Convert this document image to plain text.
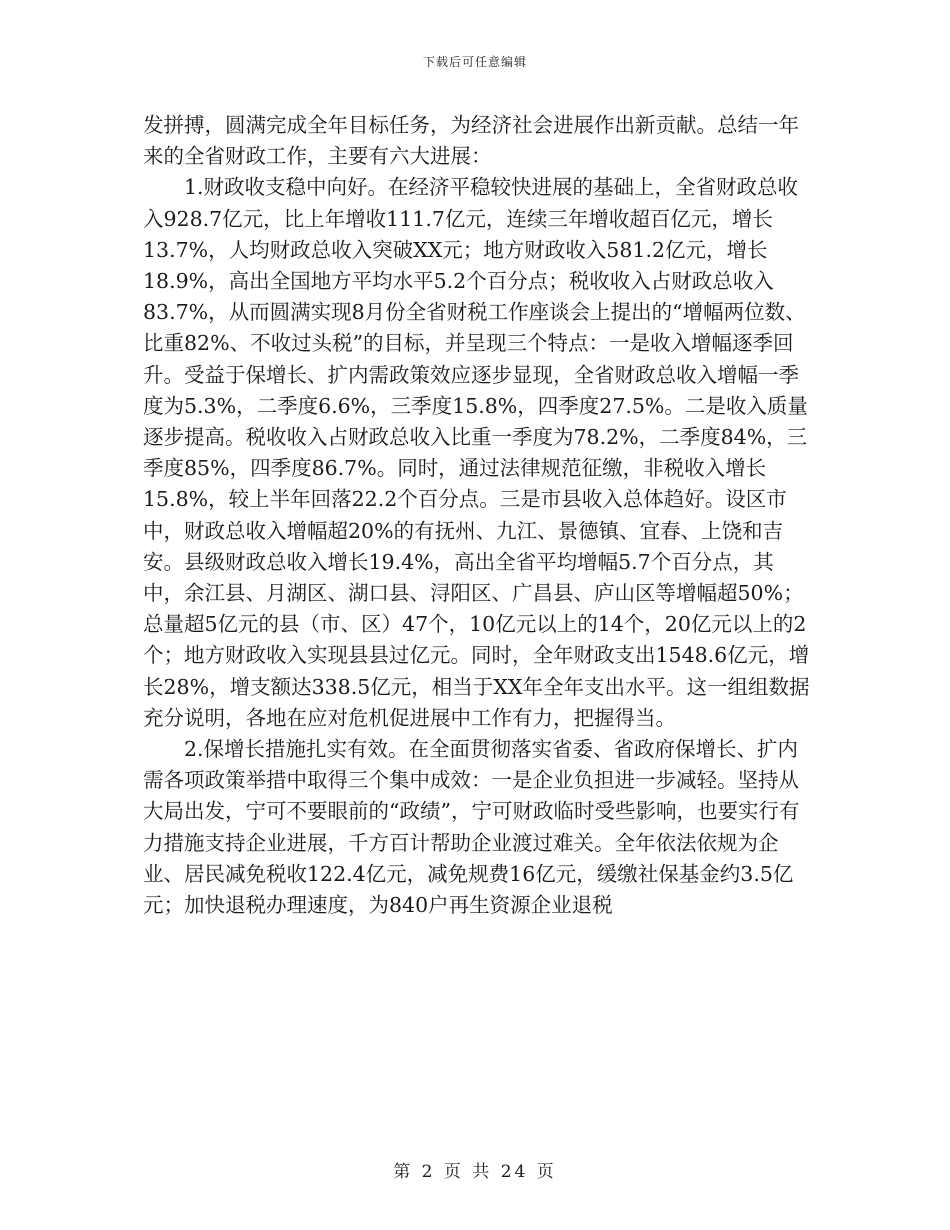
下载后可任意编辑

发拼搏，圆满完成全年目标任务，为经济社会进展作出新贡献。总结一年来的全省财政工作，主要有六大进展：

1.财政收支稳中向好。在经济平稳较快进展的基础上，全省财政总收入928.7亿元，比上年增收111.7亿元，连续三年增收超百亿元，增长13.7%，人均财政总收入突破XX元；地方财政收入581.2亿元，增长18.9%，高出全国地方平均水平5.2个百分点；税收收入占财政总收入83.7%，从而圆满实现8月份全省财税工作座谈会上提出的“增幅两位数、比重82%、不收过头税”的目标，并呈现三个特点：一是收入增幅逐季回升。受益于保增长、扩内需政策效应逐步显现，全省财政总收入增幅一季度为5.3%，二季度6.6%，三季度15.8%，四季度27.5%。二是收入质量逐步提高。税收收入占财政总收入比重一季度为78.2%，二季度84%，三季度85%，四季度86.7%。同时，通过法律规范征缴，非税收入增长15.8%，较上半年回落22.2个百分点。三是市县收入总体趋好。设区市中，财政总收入增幅超20%的有抚州、九江、景德镇、宜春、上饶和吉安。县级财政总收入增长19.4%，高出全省平均增幅5.7个百分点，其中，余江县、月湖区、湖口县、浔阳区、广昌县、庐山区等增幅超50%；总量超5亿元的县（市、区）47个，10亿元以上的14个，20亿元以上的2个；地方财政收入实现县县过亿元。同时，全年财政支出1548.6亿元，增长28%，增支额达338.5亿元，相当于XX年全年支出水平。这一组组数据充分说明，各地在应对危机促进展中工作有力，把握得当。

2.保增长措施扎实有效。在全面贯彻落实省委、省政府保增长、扩内需各项政策举措中取得三个集中成效：一是企业负担进一步减轻。坚持从大局出发，宁可不要眼前的“政绩”，宁可财政临时受些影响，也要实行有力措施支持企业进展，千方百计帮助企业渡过难关。全年依法依规为企业、居民减免税收122.4亿元，减免规费16亿元，缓缴社保基金约3.5亿元；加快退税办理速度，为840户再生资源企业退税

第 2 页 共 24 页
